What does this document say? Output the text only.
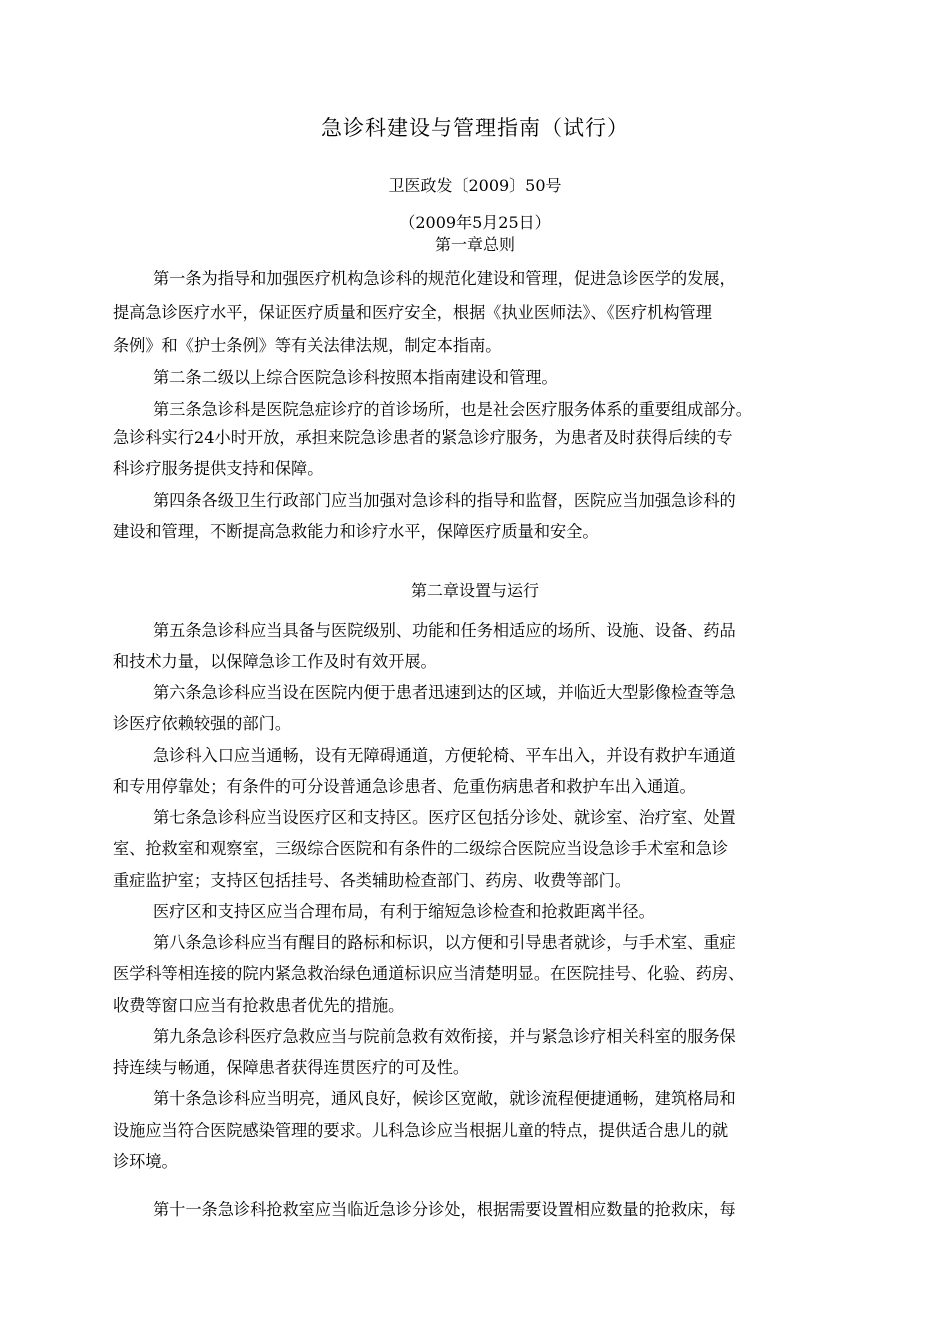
急诊科建设与管理指南（试行）
卫医政发〔2009〕50号
（2009年5月25日）
第一章总则
第一条为指导和加强医疗机构急诊科的规范化建设和管理，促进急诊医学的发展，
提高急诊医疗水平，保证医疗质量和医疗安全，根据《执业医师法》、《医疗机构管理
条例》和《护士条例》等有关法律法规，制定本指南。
第二条二级以上综合医院急诊科按照本指南建设和管理。
第三条急诊科是医院急症诊疗的首诊场所，也是社会医疗服务体系的重要组成部分。
急诊科实行24小时开放，承担来院急诊患者的紧急诊疗服务，为患者及时获得后续的专
科诊疗服务提供支持和保障。
第四条各级卫生行政部门应当加强对急诊科的指导和监督，医院应当加强急诊科的
建设和管理，不断提高急救能力和诊疗水平，保障医疗质量和安全。
第二章设置与运行
第五条急诊科应当具备与医院级别、功能和任务相适应的场所、设施、设备、药品
和技术力量，以保障急诊工作及时有效开展。
第六条急诊科应当设在医院内便于患者迅速到达的区域，并临近大型影像检查等急
诊医疗依赖较强的部门。
急诊科入口应当通畅，设有无障碍通道，方便轮椅、平车出入，并设有救护车通道
和专用停靠处；有条件的可分设普通急诊患者、危重伤病患者和救护车出入通道。
第七条急诊科应当设医疗区和支持区。医疗区包括分诊处、就诊室、治疗室、处置
室、抢救室和观察室，三级综合医院和有条件的二级综合医院应当设急诊手术室和急诊
重症监护室；支持区包括挂号、各类辅助检查部门、药房、收费等部门。
医疗区和支持区应当合理布局，有利于缩短急诊检查和抢救距离半径。
第八条急诊科应当有醒目的路标和标识，以方便和引导患者就诊，与手术室、重症
医学科等相连接的院内紧急救治绿色通道标识应当清楚明显。在医院挂号、化验、药房、
收费等窗口应当有抢救患者优先的措施。
第九条急诊科医疗急救应当与院前急救有效衔接，并与紧急诊疗相关科室的服务保
持连续与畅通，保障患者获得连贯医疗的可及性。
第十条急诊科应当明亮，通风良好，候诊区宽敞，就诊流程便捷通畅，建筑格局和
设施应当符合医院感染管理的要求。儿科急诊应当根据儿童的特点，提供适合患儿的就
诊环境。
第十一条急诊科抢救室应当临近急诊分诊处，根据需要设置相应数量的抢救床，每
